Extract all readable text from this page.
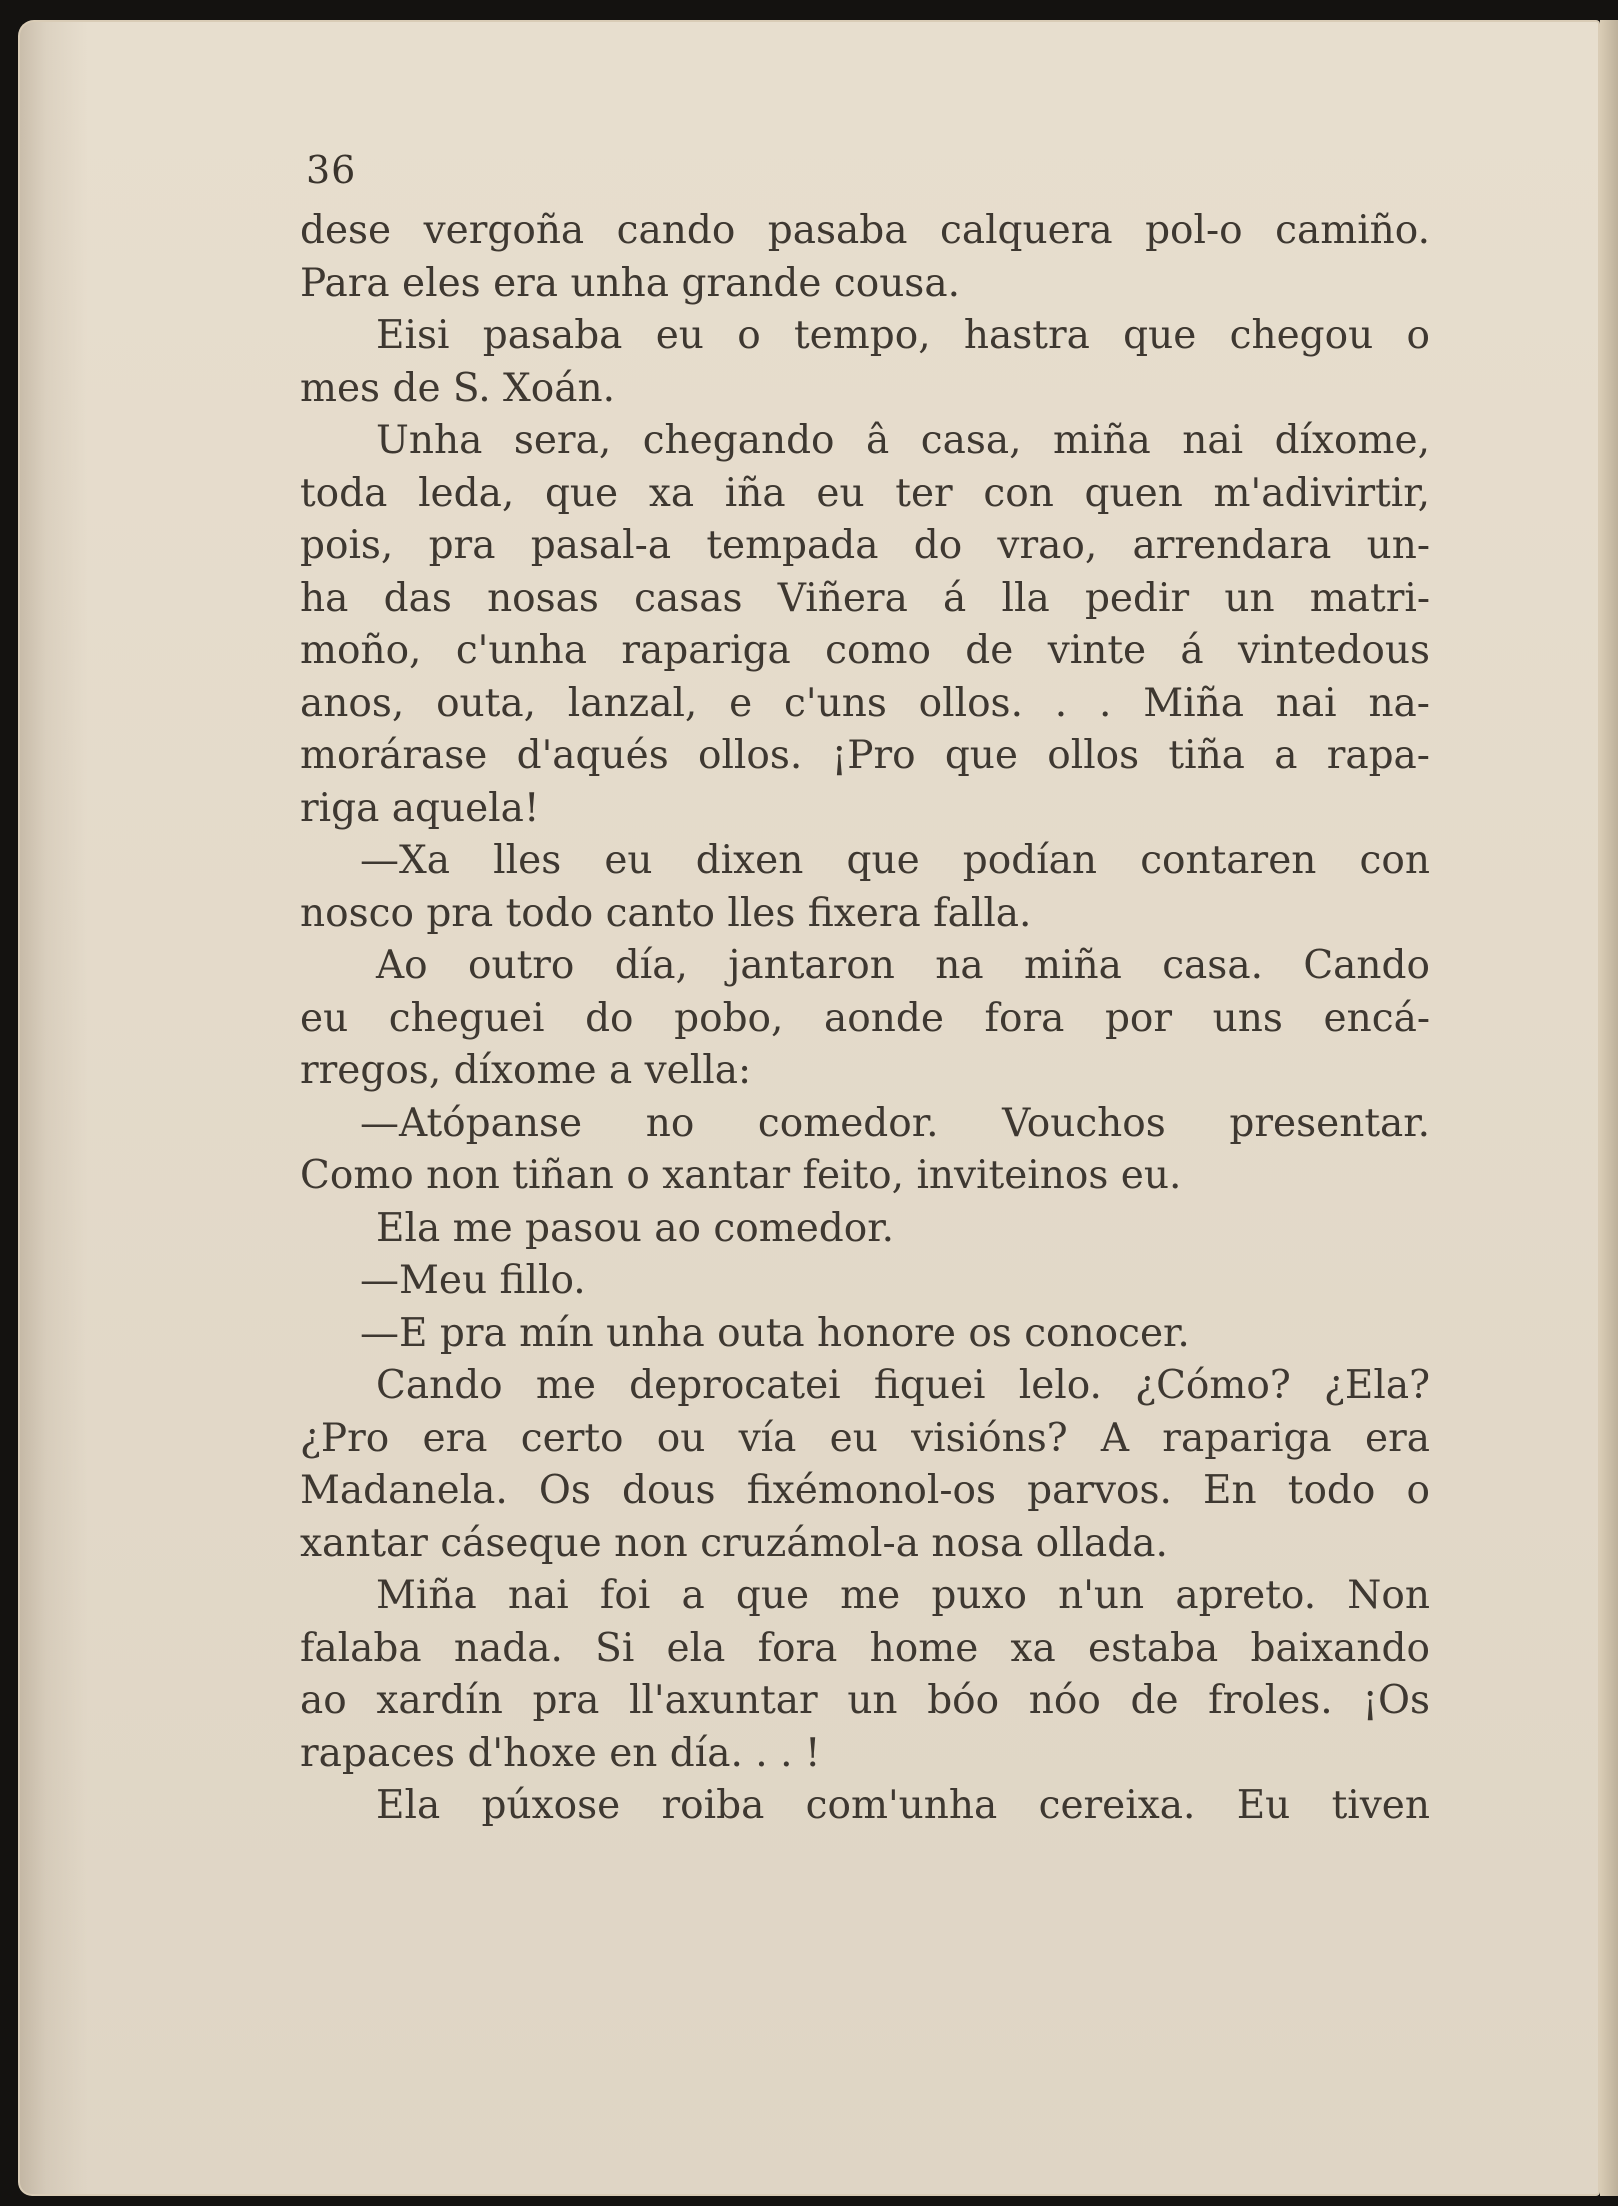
36
dese vergoña cando pasaba calquera pol-o camiño.
Para eles era unha grande cousa.
Eisi pasaba eu o tempo, hastra que chegou o
mes de S. Xoán.
Unha sera, chegando â casa, miña nai díxome,
toda leda, que xa iña eu ter con quen m'adivirtir,
pois, pra pasal-a tempada do vrao, arrendara un-
ha das nosas casas Viñera á lla pedir un matri-
moño, c'unha rapariga como de vinte á vintedous
anos, outa, lanzal, e c'uns ollos. . . Miña nai na-
morárase d'aqués ollos. ¡Pro que ollos tiña a rapa-
riga aquela!
—Xa lles eu dixen que podían contaren con
nosco pra todo canto lles fixera falla.
Ao outro día, jantaron na miña casa. Cando
eu cheguei do pobo, aonde fora por uns encá-
rregos, díxome a vella:
—Atópanse no comedor. Vouchos presentar.
Como non tiñan o xantar feito, inviteinos eu.
Ela me pasou ao comedor.
—Meu fillo.
—E pra mín unha outa honore os conocer.
Cando me deprocatei fiquei lelo. ¿Cómo? ¿Ela?
¿Pro era certo ou vía eu visións? A rapariga era
Madanela. Os dous fixémonol-os parvos. En todo o
xantar cáseque non cruzámol-a nosa ollada.
Miña nai foi a que me puxo n'un apreto. Non
falaba nada. Si ela fora home xa estaba baixando
ao xardín pra ll'axuntar un bóo nóo de froles. ¡Os
rapaces d'hoxe en día. . . !
Ela púxose roiba com'unha cereixa. Eu tiven
